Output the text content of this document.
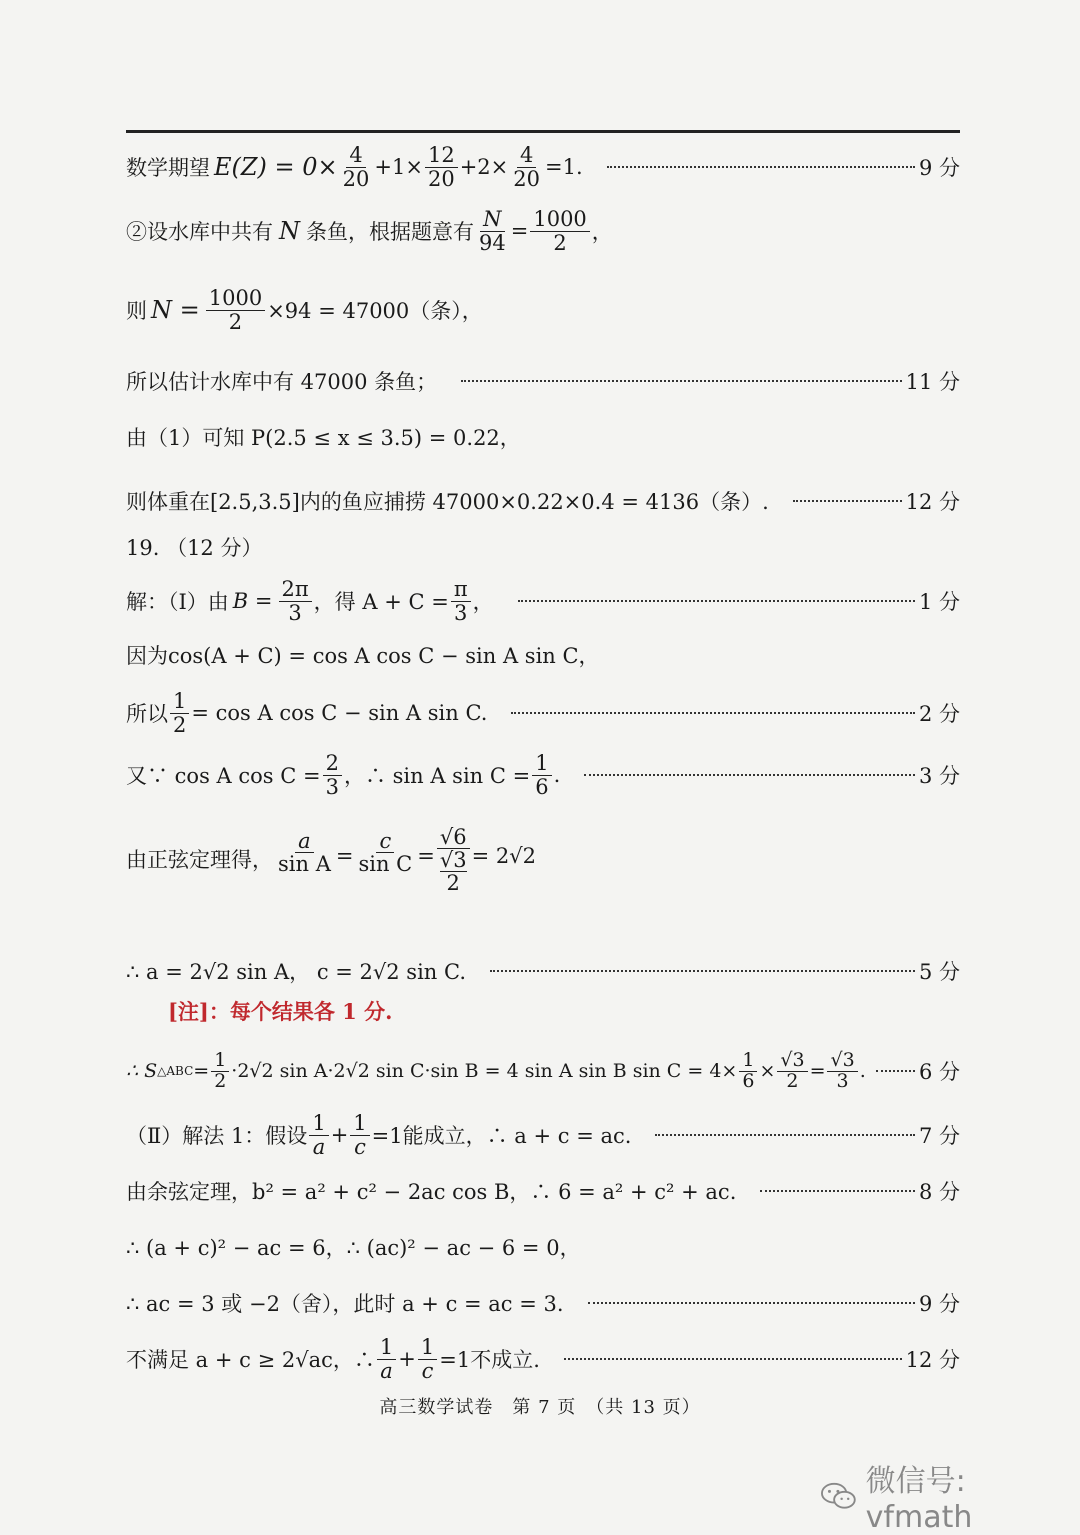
数学期望 $E(Z) = 0\times \frac{4}{20} +1\times \frac{12}{20} +2\times \frac{4}{20} =1$.	9 分
②设水库中共有 N 条鱼，根据题意有 $\frac{N}{94} = \frac{1000}{2}$ ，
则 $N = \frac{1000}{2} \times 94 = 47000$（条），
所以估计水库中有 47000 条鱼；	11 分
由（1）可知 P(2.5 ≤ x ≤ 3.5) = 0.22，
则体重在[2.5,3.5]内的鱼应捕捞 47000×0.22×0.4 = 4136（条）.	12 分
19. （12 分）
解：（Ⅰ）由 $B = \frac{2\pi}{3}$ ，得 $A + C = \frac{\pi}{3}$ ，	1 分
因为cos(A + C) = cos A cos C − sin A sin C，
所以 $\frac{1}{2} = \cos A$ cos C − sin A sin C.	2 分
又∵ cos A $\cos C = \frac{2}{3}$ ，∴ sin A $\sin C = \frac{1}{6}$ .	3 分
由正弦定理得， $\frac{a}{\text{sin A}} = \frac{c}{\text{sin C}} = √6$
√3
2 = 2√2
∴ a = 2√2 sin A， c = 2√2 sin C.	5 分
[注]：每个结果各 1 分.
∴ S △ABC = $\frac{1}{2} \cdot 2√2$ sin A·2√2 sin C·sin B = 4 sin A sin B $\sin C = 4\times \frac{1}{6} \times \frac{√3}{2} = \frac{√3}{3}$ .	6 分
（Ⅱ）解法 1：假设 $\frac{1}{a} + \frac{1}{c} =1$能成立，∴ a + c = ac.	7 分
由余弦定理，b² = a² + c² − 2ac cos B，∴ 6 = a² + c² + ac.	8 分
∴ (a + c)² − ac = 6，∴ (ac)² − ac − 6 = 0，
∴ ac = 3 或 −2（舍），此时 a + c = ac = 3.	9 分
不满足 a + c ≥ 2√ac，∴ $\frac{1}{a} + \frac{1}{c} =1$不成立.	12 分
高三数学试卷　第 7 页　（共 13 页）
微信号: vfmath
